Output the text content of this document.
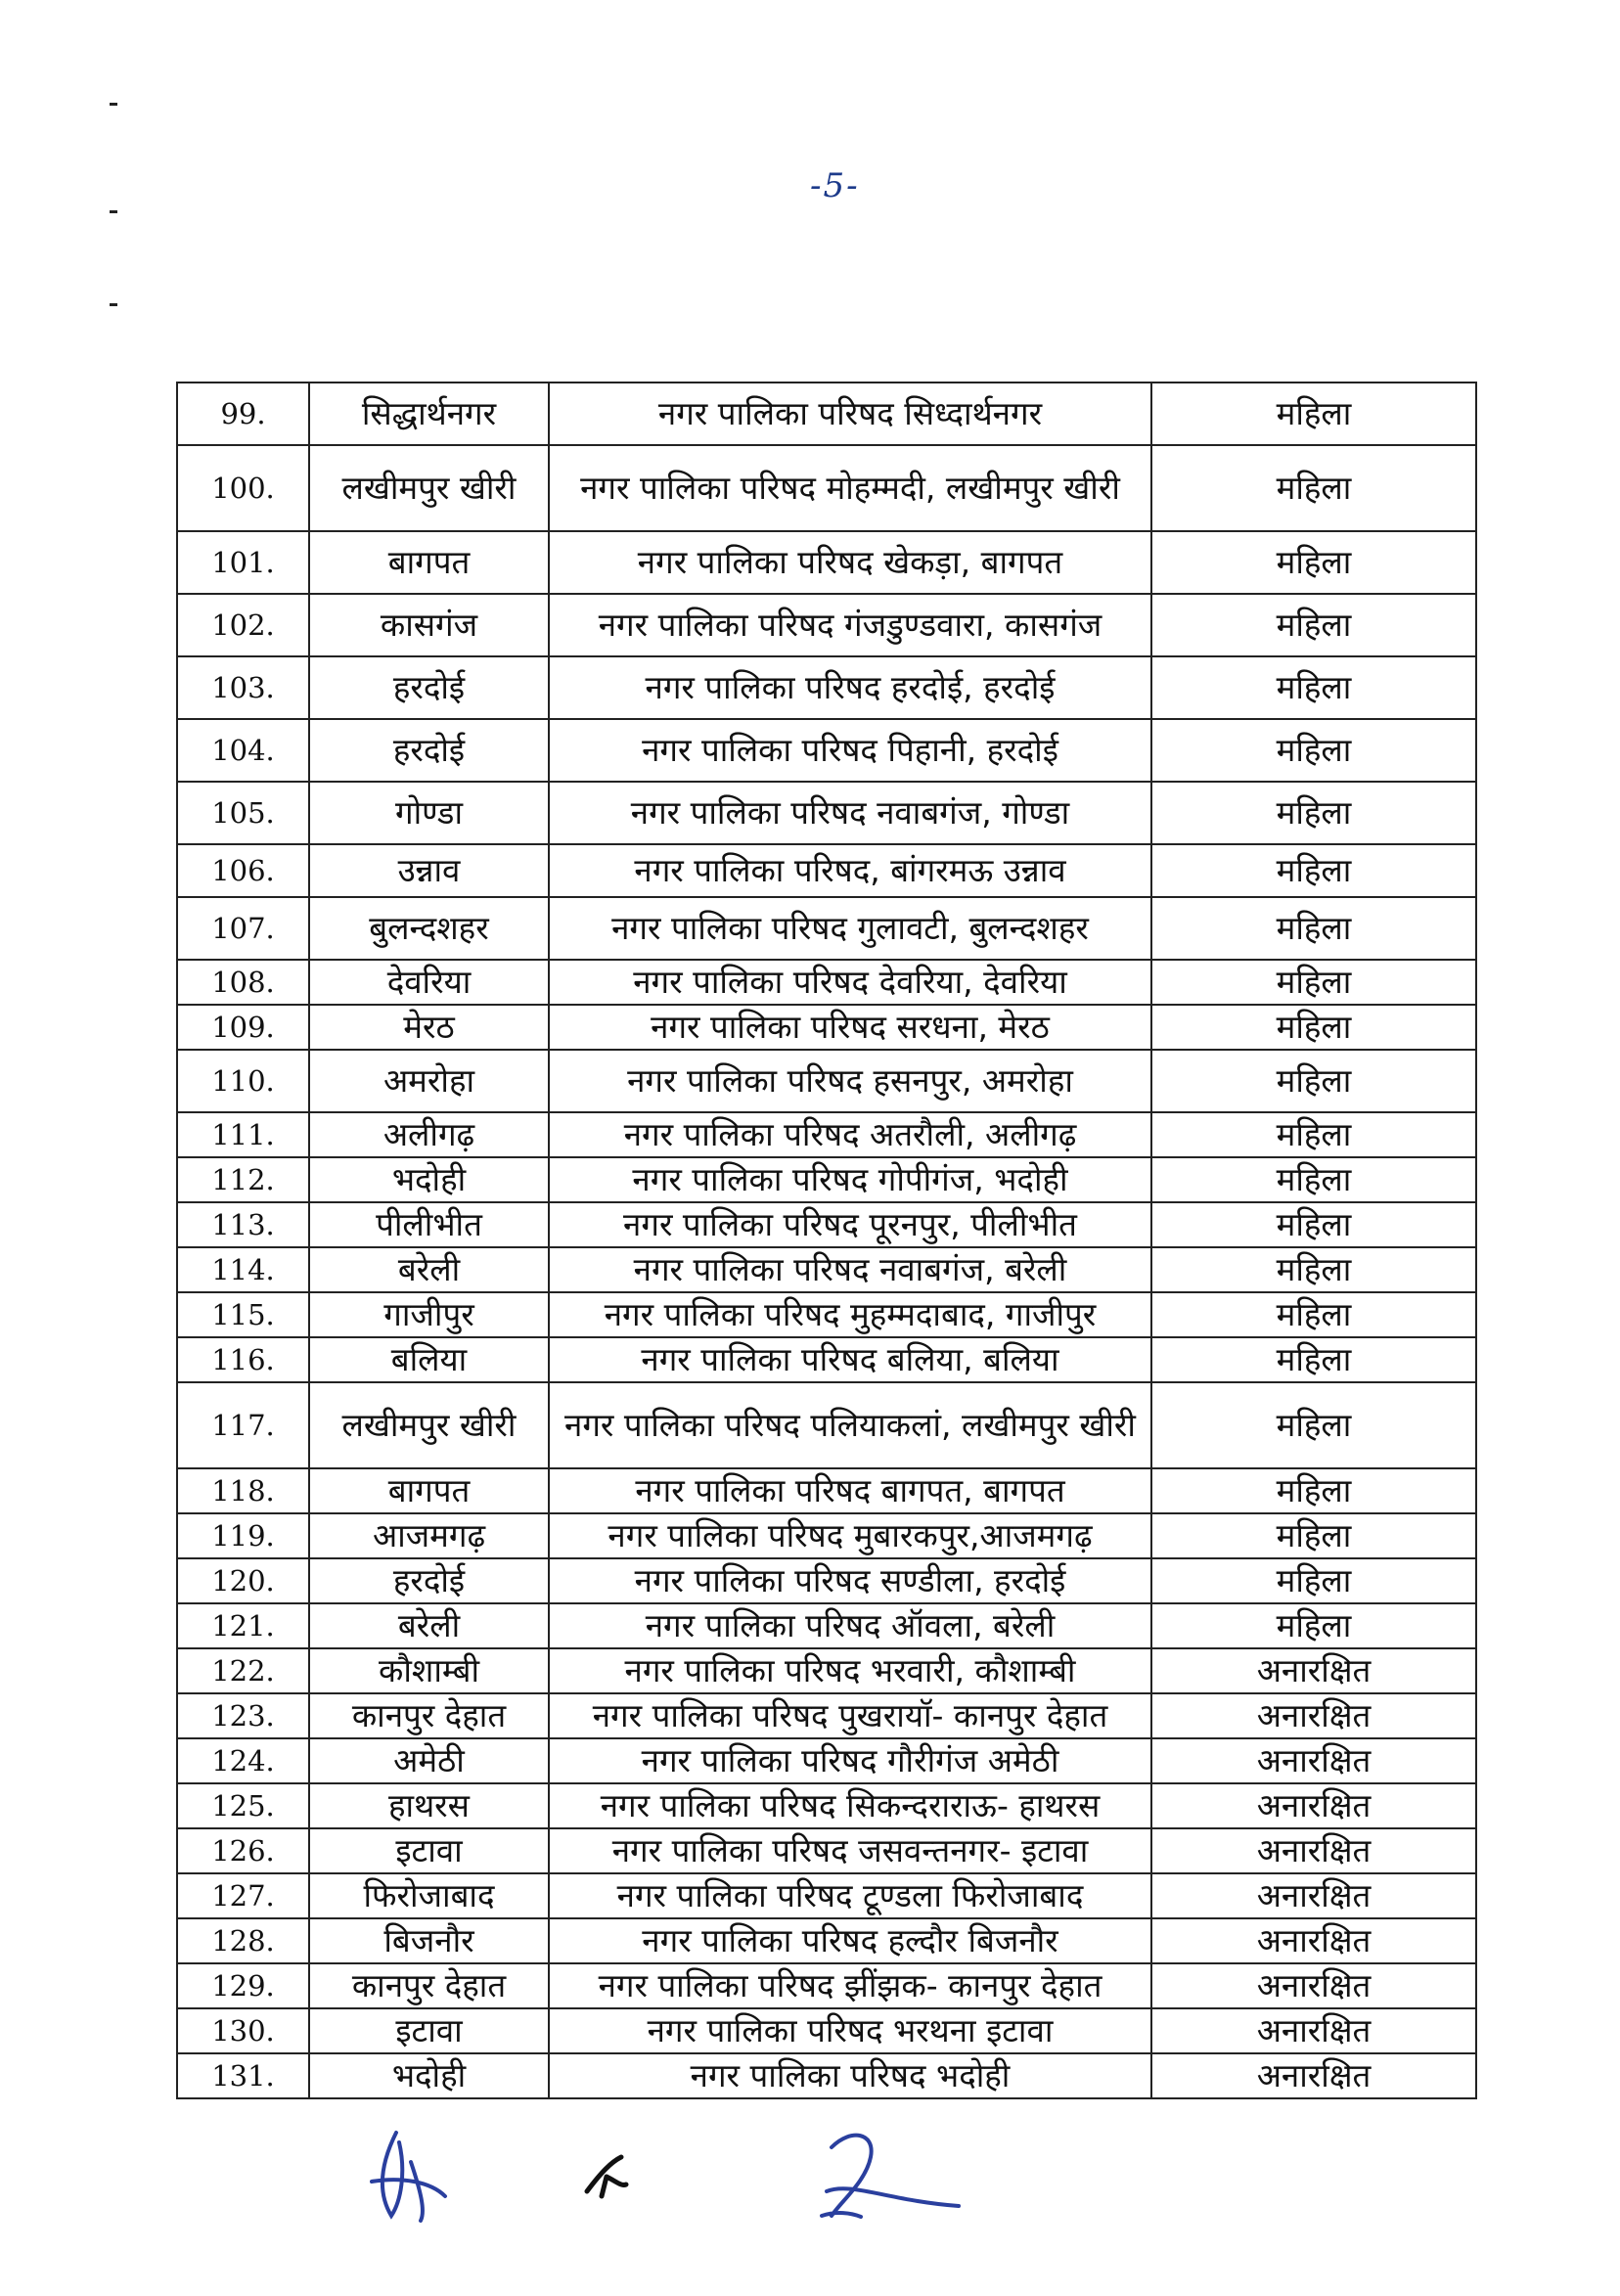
-5-
99.	सिद्धार्थनगर	नगर पालिका परिषद सिध्दार्थनगर	महिला
100.	लखीमपुर खीरी	नगर पालिका परिषद मोहम्मदी, लखीमपुर खीरी	महिला
101.	बागपत	नगर पालिका परिषद खेकड़ा, बागपत	महिला
102.	कासगंज	नगर पालिका परिषद गंजडुण्डवारा, कासगंज	महिला
103.	हरदोई	नगर पालिका परिषद हरदोई, हरदोई	महिला
104.	हरदोई	नगर पालिका परिषद पिहानी, हरदोई	महिला
105.	गोण्डा	नगर पालिका परिषद नवाबगंज, गोण्डा	महिला
106.	उन्नाव	नगर पालिका परिषद, बांगरमऊ उन्नाव	महिला
107.	बुलन्दशहर	नगर पालिका परिषद गुलावटी, बुलन्दशहर	महिला
108.	देवरिया	नगर पालिका परिषद देवरिया, देवरिया	महिला
109.	मेरठ	नगर पालिका परिषद सरधना, मेरठ	महिला
110.	अमरोहा	नगर पालिका परिषद हसनपुर, अमरोहा	महिला
111.	अलीगढ़	नगर पालिका परिषद अतरौली, अलीगढ़	महिला
112.	भदोही	नगर पालिका परिषद गोपीगंज, भदोही	महिला
113.	पीलीभीत	नगर पालिका परिषद पूरनपुर, पीलीभीत	महिला
114.	बरेली	नगर पालिका परिषद नवाबगंज, बरेली	महिला
115.	गाजीपुर	नगर पालिका परिषद मुहम्मदाबाद, गाजीपुर	महिला
116.	बलिया	नगर पालिका परिषद बलिया, बलिया	महिला
117.	लखीमपुर खीरी	नगर पालिका परिषद पलियाकलां, लखीमपुर खीरी	महिला
118.	बागपत	नगर पालिका परिषद बागपत, बागपत	महिला
119.	आजमगढ़	नगर पालिका परिषद मुबारकपुर,आजमगढ़	महिला
120.	हरदोई	नगर पालिका परिषद सण्डीला, हरदोई	महिला
121.	बरेली	नगर पालिका परिषद ऑवला, बरेली	महिला
122.	कौशाम्बी	नगर पालिका परिषद भरवारी, कौशाम्बी	अनारक्षित
123.	कानपुर देहात	नगर पालिका परिषद पुखरायॉ- कानपुर देहात	अनारक्षित
124.	अमेठी	नगर पालिका परिषद गौरीगंज अमेठी	अनारक्षित
125.	हाथरस	नगर पालिका परिषद सिकन्दराराऊ- हाथरस	अनारक्षित
126.	इटावा	नगर पालिका परिषद जसवन्तनगर- इटावा	अनारक्षित
127.	फिरोजाबाद	नगर पालिका परिषद टूण्डला फिरोजाबाद	अनारक्षित
128.	बिजनौर	नगर पालिका परिषद हल्दौर बिजनौर	अनारक्षित
129.	कानपुर देहात	नगर पालिका परिषद झींझक- कानपुर देहात	अनारक्षित
130.	इटावा	नगर पालिका परिषद भरथना इटावा	अनारक्षित
131.	भदोही	नगर पालिका परिषद भदोही	अनारक्षित
